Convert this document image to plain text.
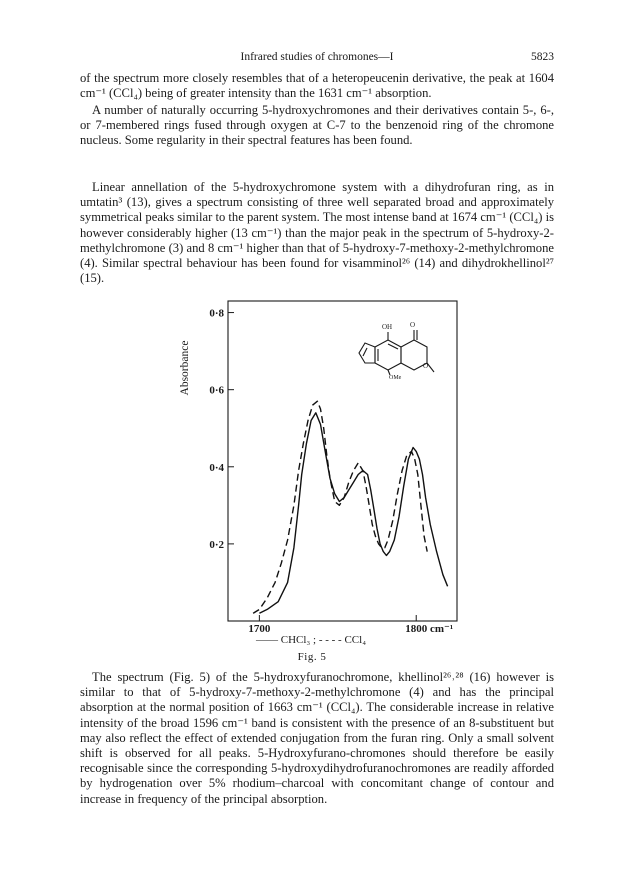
Infrared studies of chromones—I	5823

of the spectrum more closely resembles that of a heteropeucenin derivative, the peak at 1604 cm⁻¹ (CCl₄) being of greater intensity than the 1631 cm⁻¹ absorption.

A number of naturally occurring 5-hydroxychromones and their derivatives contain 5-, 6-, or 7-membered rings fused through oxygen at C-7 to the benzenoid ring of the chromone nucleus. Some regularity in their spectral features has been found.

Linear annellation of the 5-hydroxychromone system with a dihydrofuran ring, as in umtatin³ (13), gives a spectrum consisting of three well separated broad and approximately symmetrical peaks similar to the parent system. The most intense band at 1674 cm⁻¹ (CCl₄) is however considerably higher (13 cm⁻¹) than the major peak in the spectrum of 5-hydroxy-2-methylchromone (3) and 8 cm⁻¹ higher than that of 5-hydroxy-7-methoxy-2-methylchromone (4). Similar spectral behaviour has been found for visamminol²⁶ (14) and dihydrokhellinol²⁷ (15).

0·8
0·6
0·4
0·2
1700	1800 cm⁻¹
OH	O
O
OMe
Absorbance
—— CHCl₃ ; - - - - CCl₄
Fig. 5

The spectrum (Fig. 5) of the 5-hydroxyfuranochromone, khellinol²⁶˒²⁸ (16) however is similar to that of 5-hydroxy-7-methoxy-2-methylchromone (4) and has the principal absorption at the normal position of 1663 cm⁻¹ (CCl₄). The considerable increase in relative intensity of the broad 1596 cm⁻¹ band is consistent with the presence of an 8-substituent but may also reflect the effect of extended conjugation from the furan ring. Only a small solvent shift is observed for all peaks. 5-Hydroxyfurano-chromones should therefore be easily recognisable since the corresponding 5-hydroxydihydrofuranochromones are readily afforded by hydrogenation over 5% rhodium–charcoal with concomitant change of contour and increase in frequency of the principal absorption.
